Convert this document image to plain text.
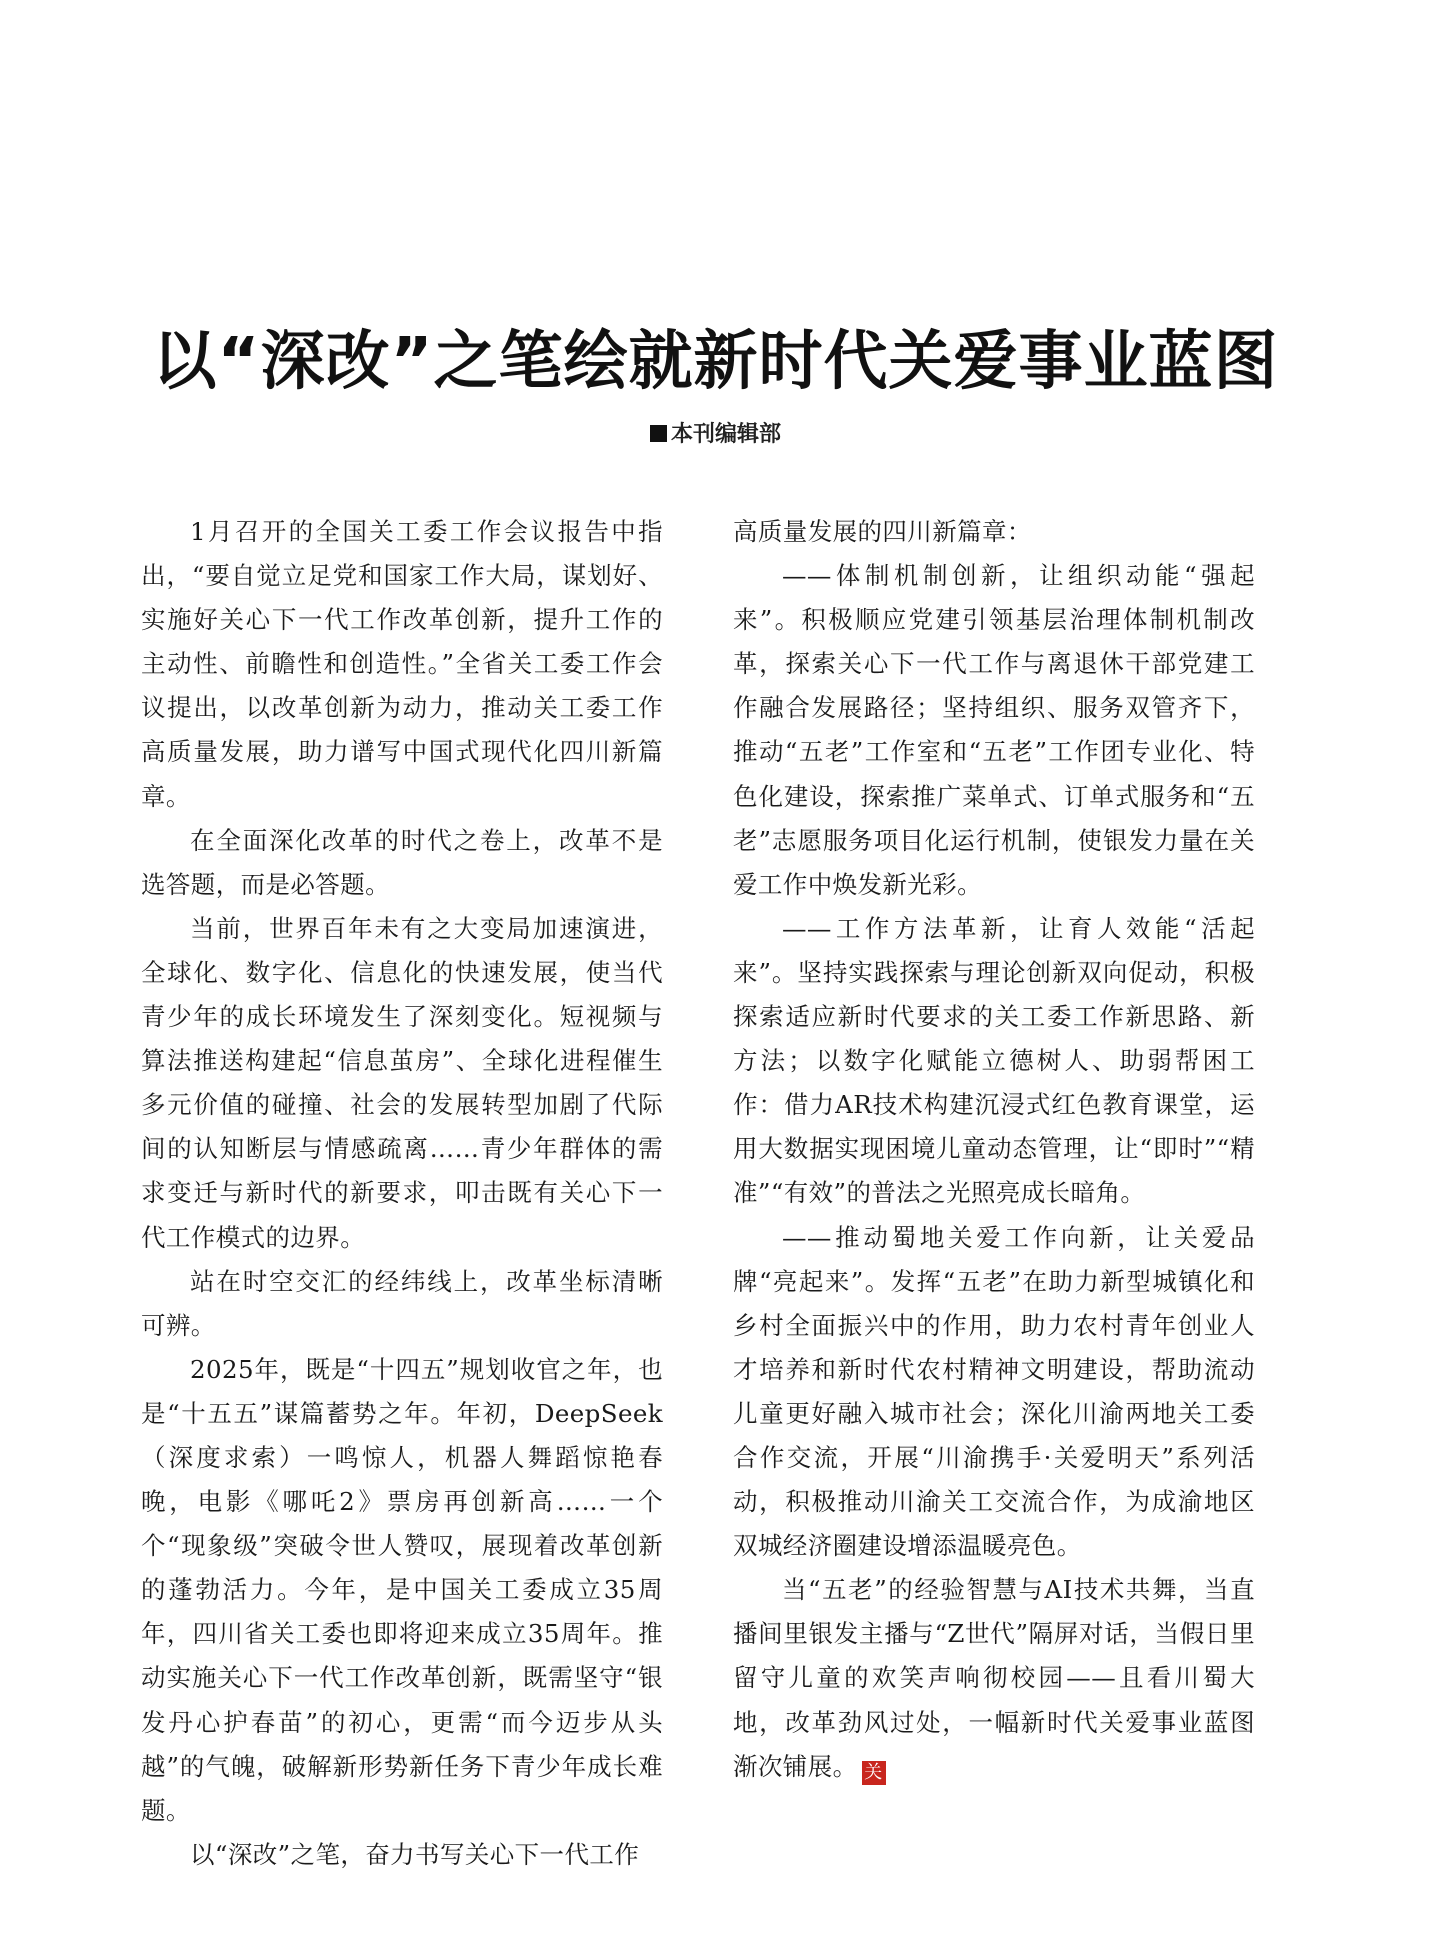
以“深改”之笔绘就新时代关爱事业蓝图
本刊编辑部

1月召开的全国关工委工作会议报告中指出，“要自觉立足党和国家工作大局，谋划好、实施好关心下一代工作改革创新，提升工作的主动性、前瞻性和创造性。”全省关工委工作会议提出，以改革创新为动力，推动关工委工作高质量发展，助力谱写中国式现代化四川新篇章。

在全面深化改革的时代之卷上，改革不是选答题，而是必答题。

当前，世界百年未有之大变局加速演进，全球化、数字化、信息化的快速发展，使当代青少年的成长环境发生了深刻变化。短视频与算法推送构建起“信息茧房”、全球化进程催生多元价值的碰撞、社会的发展转型加剧了代际间的认知断层与情感疏离……青少年群体的需求变迁与新时代的新要求，叩击既有关心下一代工作模式的边界。

站在时空交汇的经纬线上，改革坐标清晰可辨。

2025年，既是“十四五”规划收官之年，也是“十五五”谋篇蓄势之年。年初，DeepSeek（深度求索）一鸣惊人，机器人舞蹈惊艳春晚，电影《哪吒2》票房再创新高……一个个“现象级”突破令世人赞叹，展现着改革创新的蓬勃活力。今年，是中国关工委成立35周年，四川省关工委也即将迎来成立35周年。推动实施关心下一代工作改革创新，既需坚守“银发丹心护春苗”的初心，更需“而今迈步从头越”的气魄，破解新形势新任务下青少年成长难题。

以“深改”之笔，奋力书写关心下一代工作

高质量发展的四川新篇章：

——体制机制创新，让组织动能“强起来”。积极顺应党建引领基层治理体制机制改革，探索关心下一代工作与离退休干部党建工作融合发展路径；坚持组织、服务双管齐下，推动“五老”工作室和“五老”工作团专业化、特色化建设，探索推广菜单式、订单式服务和“五老”志愿服务项目化运行机制，使银发力量在关爱工作中焕发新光彩。

——工作方法革新，让育人效能“活起来”。坚持实践探索与理论创新双向促动，积极探索适应新时代要求的关工委工作新思路、新方法；以数字化赋能立德树人、助弱帮困工作：借力AR技术构建沉浸式红色教育课堂，运用大数据实现困境儿童动态管理，让“即时”“精准”“有效”的普法之光照亮成长暗角。

——推动蜀地关爱工作向新，让关爱品牌“亮起来”。发挥“五老”在助力新型城镇化和乡村全面振兴中的作用，助力农村青年创业人才培养和新时代农村精神文明建设，帮助流动儿童更好融入城市社会；深化川渝两地关工委合作交流，开展“川渝携手·关爱明天”系列活动，积极推动川渝关工交流合作，为成渝地区双城经济圈建设增添温暖亮色。

当“五老”的经验智慧与AI技术共舞，当直播间里银发主播与“Z世代”隔屏对话，当假日里留守儿童的欢笑声响彻校园——且看川蜀大地，改革劲风过处，一幅新时代关爱事业蓝图渐次铺展。 关
